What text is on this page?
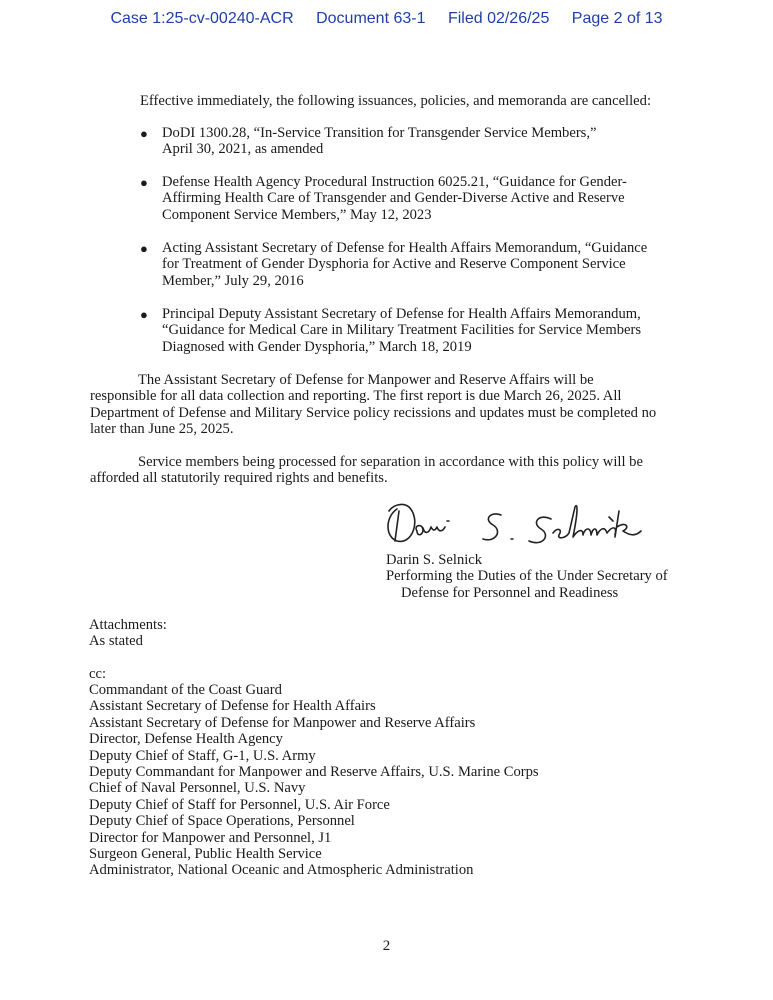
Case 1:25-cv-00240-ACR Document 63-1 Filed 02/26/25 Page 2 of 13
Effective immediately, the following issuances, policies, and memoranda are cancelled:
● DoDI 1300.28, “In-Service Transition for Transgender Service Members,”
April 30, 2021, as amended
● Defense Health Agency Procedural Instruction 6025.21, “Guidance for Gender-
Affirming Health Care of Transgender and Gender-Diverse Active and Reserve
Component Service Members,” May 12, 2023
● Acting Assistant Secretary of Defense for Health Affairs Memorandum, “Guidance
for Treatment of Gender Dysphoria for Active and Reserve Component Service
Member,” July 29, 2016
● Principal Deputy Assistant Secretary of Defense for Health Affairs Memorandum,
“Guidance for Medical Care in Military Treatment Facilities for Service Members
Diagnosed with Gender Dysphoria,” March 18, 2019
The Assistant Secretary of Defense for Manpower and Reserve Affairs will be
responsible for all data collection and reporting. The first report is due March 26, 2025. All
Department of Defense and Military Service policy recissions and updates must be completed no
later than June 25, 2025.
Service members being processed for separation in accordance with this policy will be
afforded all statutorily required rights and benefits.
Darin S. Selnick
Performing the Duties of the Under Secretary of
Defense for Personnel and Readiness
Attachments:
As stated
cc:
Commandant of the Coast Guard
Assistant Secretary of Defense for Health Affairs
Assistant Secretary of Defense for Manpower and Reserve Affairs
Director, Defense Health Agency
Deputy Chief of Staff, G-1, U.S. Army
Deputy Commandant for Manpower and Reserve Affairs, U.S. Marine Corps
Chief of Naval Personnel, U.S. Navy
Deputy Chief of Staff for Personnel, U.S. Air Force
Deputy Chief of Space Operations, Personnel
Director for Manpower and Personnel, J1
Surgeon General, Public Health Service
Administrator, National Oceanic and Atmospheric Administration
2
